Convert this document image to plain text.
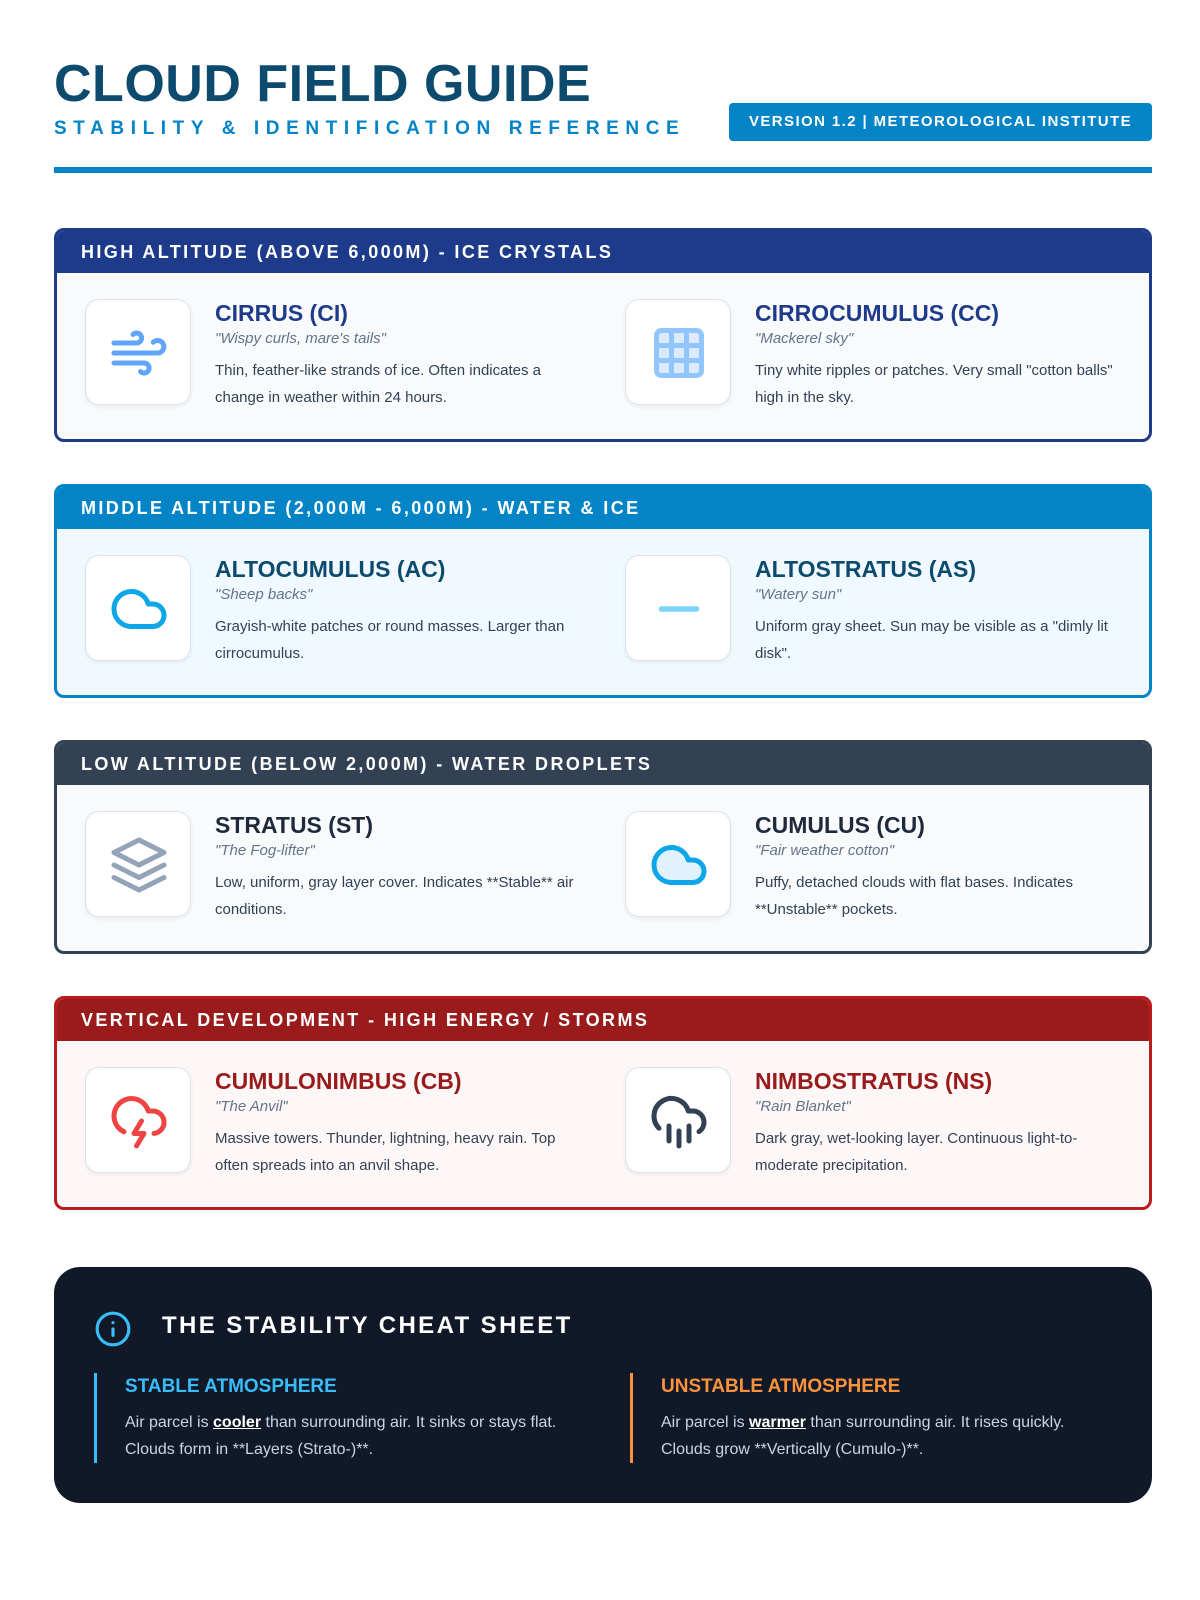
CLOUD FIELD GUIDE
STABILITY & IDENTIFICATION REFERENCE	VERSION 1.2 | METEOROLOGICAL INSTITUTE
HIGH ALTITUDE (ABOVE 6,000M) - ICE CRYSTALS
CIRRUS (CI)
"Wispy curls, mare's tails"
Thin, feather-like strands of ice. Often indicates a change in weather within 24 hours.
CIRROCUMULUS (CC)
"Mackerel sky"
Tiny white ripples or patches. Very small "cotton balls" high in the sky.
MIDDLE ALTITUDE (2,000M - 6,000M) - WATER & ICE
ALTOCUMULUS (AC)
"Sheep backs"
Grayish-white patches or round masses. Larger than cirrocumulus.
ALTOSTRATUS (AS)
"Watery sun"
Uniform gray sheet. Sun may be visible as a "dimly lit disk".
LOW ALTITUDE (BELOW 2,000M) - WATER DROPLETS
STRATUS (ST)
"The Fog-lifter"
Low, uniform, gray layer cover. Indicates **Stable** air conditions.
CUMULUS (CU)
"Fair weather cotton"
Puffy, detached clouds with flat bases. Indicates **Unstable** pockets.
VERTICAL DEVELOPMENT - HIGH ENERGY / STORMS
CUMULONIMBUS (CB)
"The Anvil"
Massive towers. Thunder, lightning, heavy rain. Top often spreads into an anvil shape.
NIMBOSTRATUS (NS)
"Rain Blanket"
Dark gray, wet-looking layer. Continuous light-to-moderate precipitation.
THE STABILITY CHEAT SHEET
STABLE ATMOSPHERE
Air parcel is cooler than surrounding air. It sinks or stays flat. Clouds form in **Layers (Strato-)**.
UNSTABLE ATMOSPHERE
Air parcel is warmer than surrounding air. It rises quickly. Clouds grow **Vertically (Cumulo-)**.
